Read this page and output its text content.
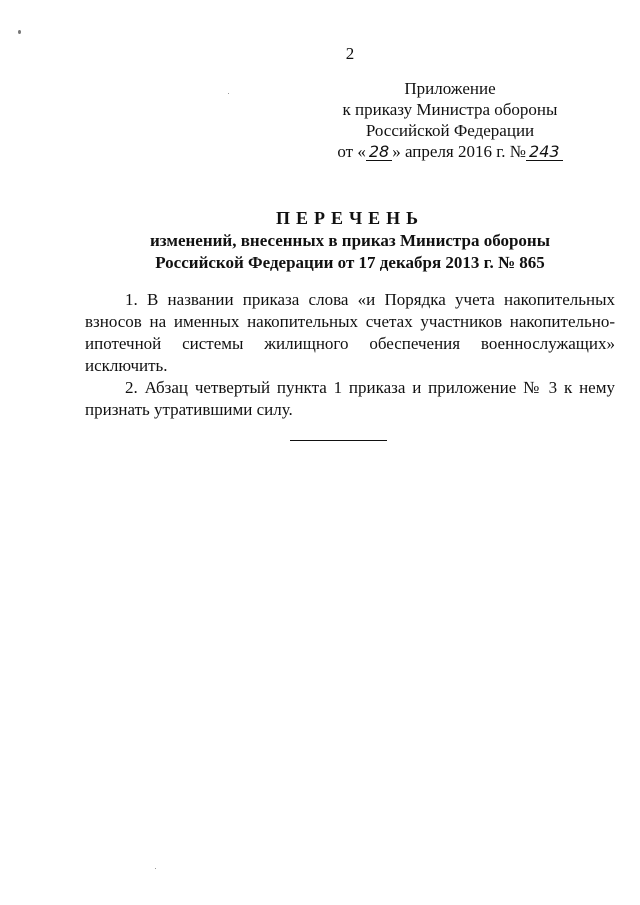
2
Приложение
к приказу Министра обороны
Российской Федерации
от « 28 » апреля 2016 г. № 243
ПЕРЕЧЕНЬ
изменений, внесенных в приказ Министра обороны
Российской Федерации от 17 декабря 2013 г. № 865

1. В названии приказа слова «и Порядка учета накопительных взносов на именных накопительных счетах участников накопительно-ипотечной системы жилищного обеспечения военнослужащих» исключить.

2. Абзац четвертый пункта 1 приказа и приложение № 3 к нему признать утратившими силу.
